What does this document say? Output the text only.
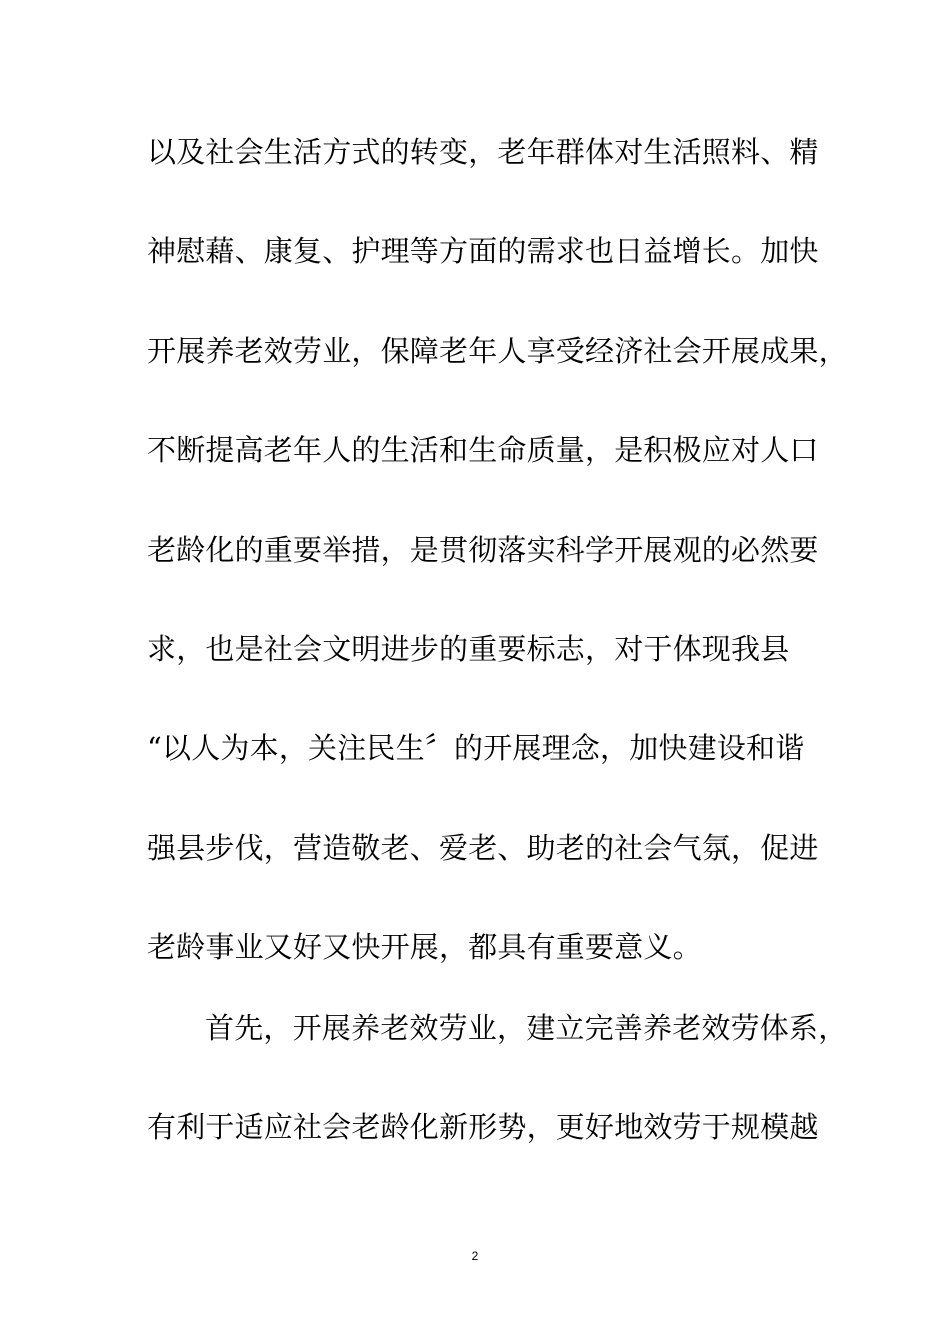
以及社会生活方式的转变，老年群体对生活照料、精
神慰藉、康复、护理等方面的需求也日益增长。加快
开展养老效劳业，保障老年人享受经济社会开展成果，
不断提高老年人的生活和生命质量，是积极应对人口
老龄化的重要举措，是贯彻落实科学开展观的必然要
求，也是社会文明进步的重要标志，对于体现我县
“以人为本，关注民生〞的开展理念，加快建设和谐
强县步伐，营造敬老、爱老、助老的社会气氛，促进
老龄事业又好又快开展，都具有重要意义。
首先，开展养老效劳业，建立完善养老效劳体系，
有利于适应社会老龄化新形势，更好地效劳于规模越
2
